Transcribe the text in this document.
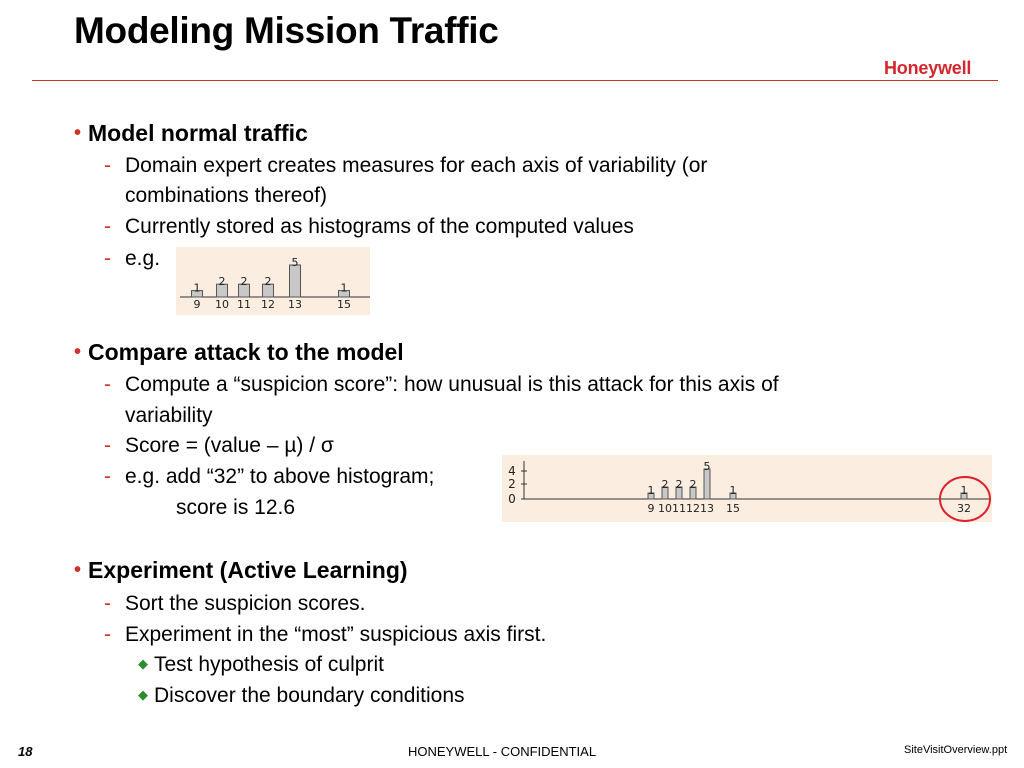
Modeling Mission Traffic
Honeywell
• Model normal traffic
- Domain expert creates measures for each axis of variability (or
combinations thereof)
- Currently stored as histograms of the computed values
- e.g.
1
9
2
10
2
11
2
12
5
13
1
15
• Compare attack to the model
- Compute a “suspicion score”: how unusual is this attack for this axis of
variability
- Score = (value – µ) / σ
- e.g. add “32” to above histogram;
score is 12.6
4
2
0
1
9
2
10
2
11
2
12
5
13
1
15
1
32
• Experiment (Active Learning)
- Sort the suspicion scores.
- Experiment in the “most” suspicious axis first.
◆ Test hypothesis of culprit
◆ Discover the boundary conditions
18	HONEYWELL - CONFIDENTIAL	SiteVisitOverview.ppt
